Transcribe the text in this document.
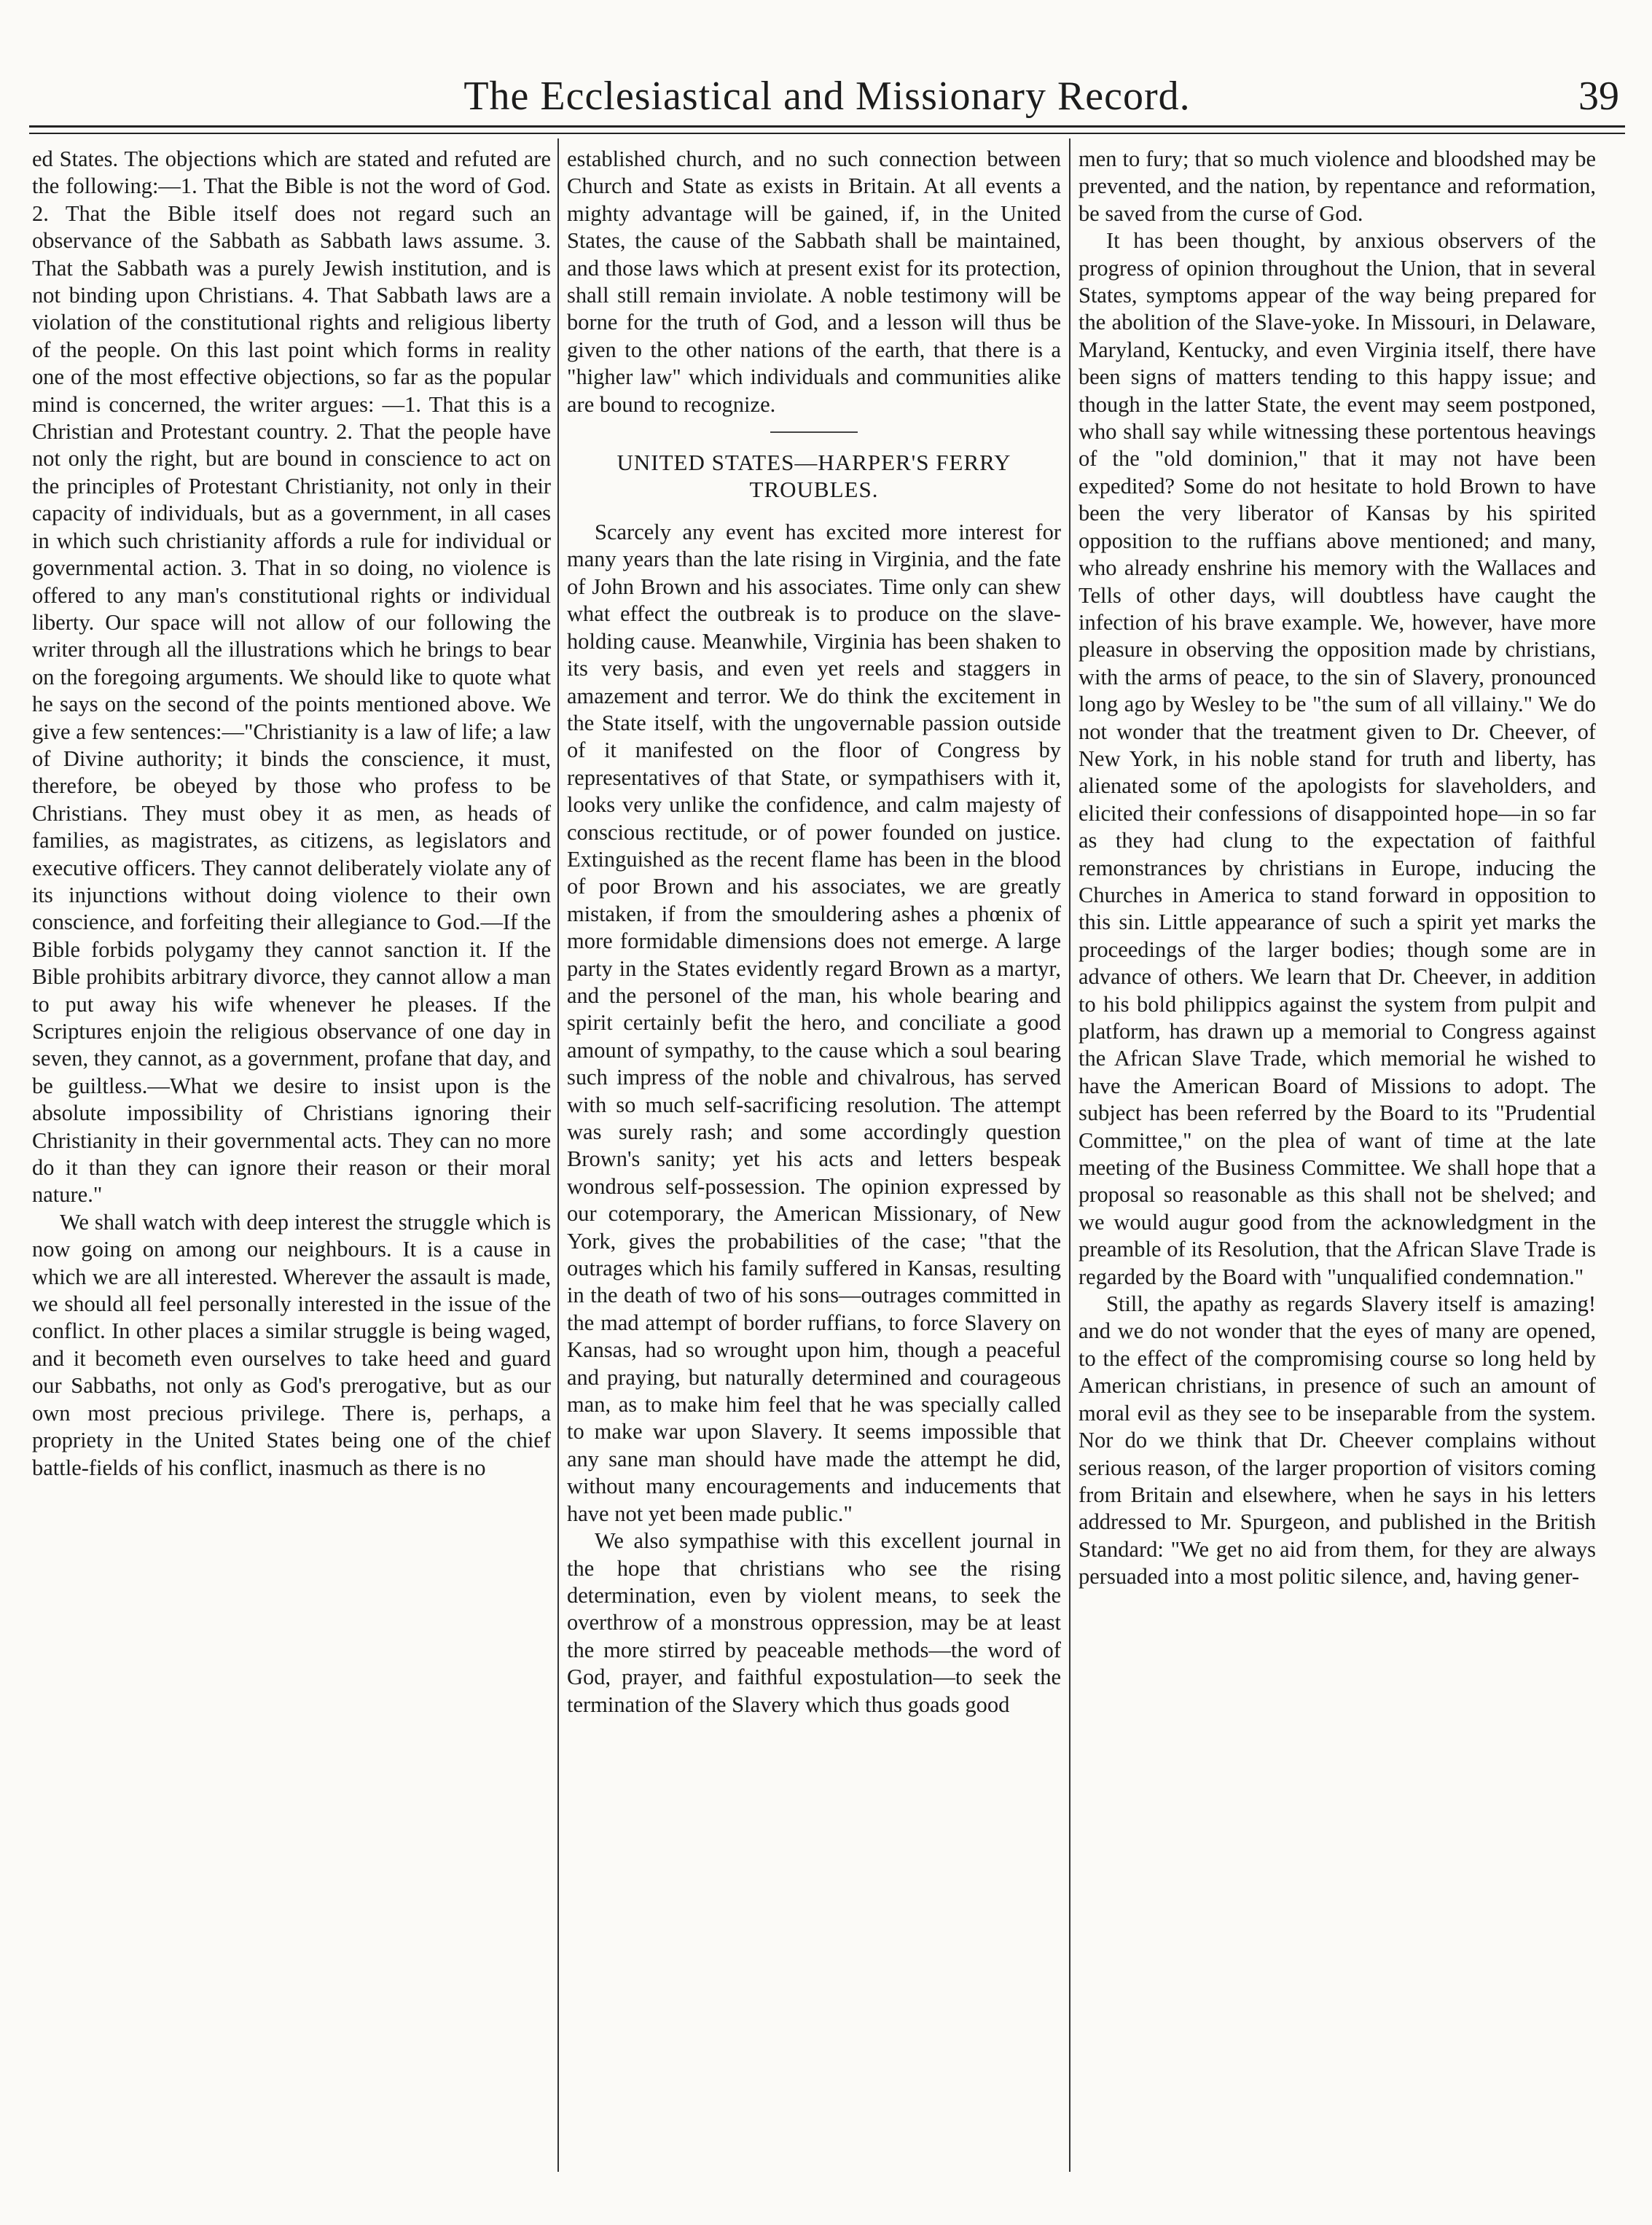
The Ecclesiastical and Missionary Record.	39

ed States. The objections which are stated and refuted are the following:—1. That the Bible is not the word of God. 2. That the Bible itself does not regard such an observance of the Sabbath as Sabbath laws assume. 3. That the Sabbath was a purely Jewish institution, and is not binding upon Christians. 4. That Sabbath laws are a violation of the constitutional rights and religious liberty of the people. On this last point which forms in reality one of the most effective objections, so far as the popular mind is concerned, the writer argues: —1. That this is a Christian and Protestant country. 2. That the people have not only the right, but are bound in conscience to act on the principles of Protestant Christianity, not only in their capacity of individuals, but as a government, in all cases in which such christianity affords a rule for individual or governmental action. 3. That in so doing, no violence is offered to any man's constitutional rights or individual liberty. Our space will not allow of our following the writer through all the illustrations which he brings to bear on the foregoing arguments. We should like to quote what he says on the second of the points mentioned above. We give a few sentences:—"Christianity is a law of life; a law of Divine authority; it binds the conscience, it must, therefore, be obeyed by those who profess to be Christians. They must obey it as men, as heads of families, as magistrates, as citizens, as legislators and executive officers. They cannot deliberately violate any of its injunctions without doing violence to their own conscience, and forfeiting their allegiance to God.—If the Bible forbids polygamy they cannot sanction it. If the Bible prohibits arbitrary divorce, they cannot allow a man to put away his wife whenever he pleases. If the Scriptures enjoin the religious observance of one day in seven, they cannot, as a government, profane that day, and be guiltless.—What we desire to insist upon is the absolute impossibility of Christians ignoring their Christianity in their governmental acts. They can no more do it than they can ignore their reason or their moral nature."

We shall watch with deep interest the struggle which is now going on among our neighbours. It is a cause in which we are all interested. Wherever the assault is made, we should all feel personally interested in the issue of the conflict. In other places a similar struggle is being waged, and it becometh even ourselves to take heed and guard our Sabbaths, not only as God's prerogative, but as our own most precious privilege. There is, perhaps, a propriety in the United States being one of the chief battle-fields of his conflict, inasmuch as there is no

established church, and no such connection between Church and State as exists in Britain. At all events a mighty advantage will be gained, if, in the United States, the cause of the Sabbath shall be maintained, and those laws which at present exist for its protection, shall still remain inviolate. A noble testimony will be borne for the truth of God, and a lesson will thus be given to the other nations of the earth, that there is a "higher law" which individuals and communities alike are bound to recognize.

UNITED STATES—HARPER'S FERRY TROUBLES.

Scarcely any event has excited more interest for many years than the late rising in Virginia, and the fate of John Brown and his associates. Time only can shew what effect the outbreak is to produce on the slave-holding cause. Meanwhile, Virginia has been shaken to its very basis, and even yet reels and staggers in amazement and terror. We do think the excitement in the State itself, with the ungovernable passion outside of it manifested on the floor of Congress by representatives of that State, or sympathisers with it, looks very unlike the confidence, and calm majesty of conscious rectitude, or of power founded on justice. Extinguished as the recent flame has been in the blood of poor Brown and his associates, we are greatly mistaken, if from the smouldering ashes a phœnix of more formidable dimensions does not emerge. A large party in the States evidently regard Brown as a martyr, and the personel of the man, his whole bearing and spirit certainly befit the hero, and conciliate a good amount of sympathy, to the cause which a soul bearing such impress of the noble and chivalrous, has served with so much self-sacrificing resolution. The attempt was surely rash; and some accordingly question Brown's sanity; yet his acts and letters bespeak wondrous self-possession. The opinion expressed by our cotemporary, the American Missionary, of New York, gives the probabilities of the case; "that the outrages which his family suffered in Kansas, resulting in the death of two of his sons—outrages committed in the mad attempt of border ruffians, to force Slavery on Kansas, had so wrought upon him, though a peaceful and praying, but naturally determined and courageous man, as to make him feel that he was specially called to make war upon Slavery. It seems impossible that any sane man should have made the attempt he did, without many encouragements and inducements that have not yet been made public."

We also sympathise with this excellent journal in the hope that christians who see the rising determination, even by violent means, to seek the overthrow of a monstrous oppression, may be at least the more stirred by peaceable methods—the word of God, prayer, and faithful expostulation—to seek the termination of the Slavery which thus goads good

men to fury; that so much violence and bloodshed may be prevented, and the nation, by repentance and reformation, be saved from the curse of God.

It has been thought, by anxious observers of the progress of opinion throughout the Union, that in several States, symptoms appear of the way being prepared for the abolition of the Slave-yoke. In Missouri, in Delaware, Maryland, Kentucky, and even Virginia itself, there have been signs of matters tending to this happy issue; and though in the latter State, the event may seem postponed, who shall say while witnessing these portentous heavings of the "old dominion," that it may not have been expedited? Some do not hesitate to hold Brown to have been the very liberator of Kansas by his spirited opposition to the ruffians above mentioned; and many, who already enshrine his memory with the Wallaces and Tells of other days, will doubtless have caught the infection of his brave example. We, however, have more pleasure in observing the opposition made by christians, with the arms of peace, to the sin of Slavery, pronounced long ago by Wesley to be "the sum of all villainy." We do not wonder that the treatment given to Dr. Cheever, of New York, in his noble stand for truth and liberty, has alienated some of the apologists for slaveholders, and elicited their confessions of disappointed hope—in so far as they had clung to the expectation of faithful remonstrances by christians in Europe, inducing the Churches in America to stand forward in opposition to this sin. Little appearance of such a spirit yet marks the proceedings of the larger bodies; though some are in advance of others. We learn that Dr. Cheever, in addition to his bold philippics against the system from pulpit and platform, has drawn up a memorial to Congress against the African Slave Trade, which memorial he wished to have the American Board of Missions to adopt. The subject has been referred by the Board to its "Prudential Committee," on the plea of want of time at the late meeting of the Business Committee. We shall hope that a proposal so reasonable as this shall not be shelved; and we would augur good from the acknowledgment in the preamble of its Resolution, that the African Slave Trade is regarded by the Board with "unqualified condemnation."

Still, the apathy as regards Slavery itself is amazing! and we do not wonder that the eyes of many are opened, to the effect of the compromising course so long held by American christians, in presence of such an amount of moral evil as they see to be inseparable from the system. Nor do we think that Dr. Cheever complains without serious reason, of the larger proportion of visitors coming from Britain and elsewhere, when he says in his letters addressed to Mr. Spurgeon, and published in the British Standard: "We get no aid from them, for they are always persuaded into a most politic silence, and, having gener-
